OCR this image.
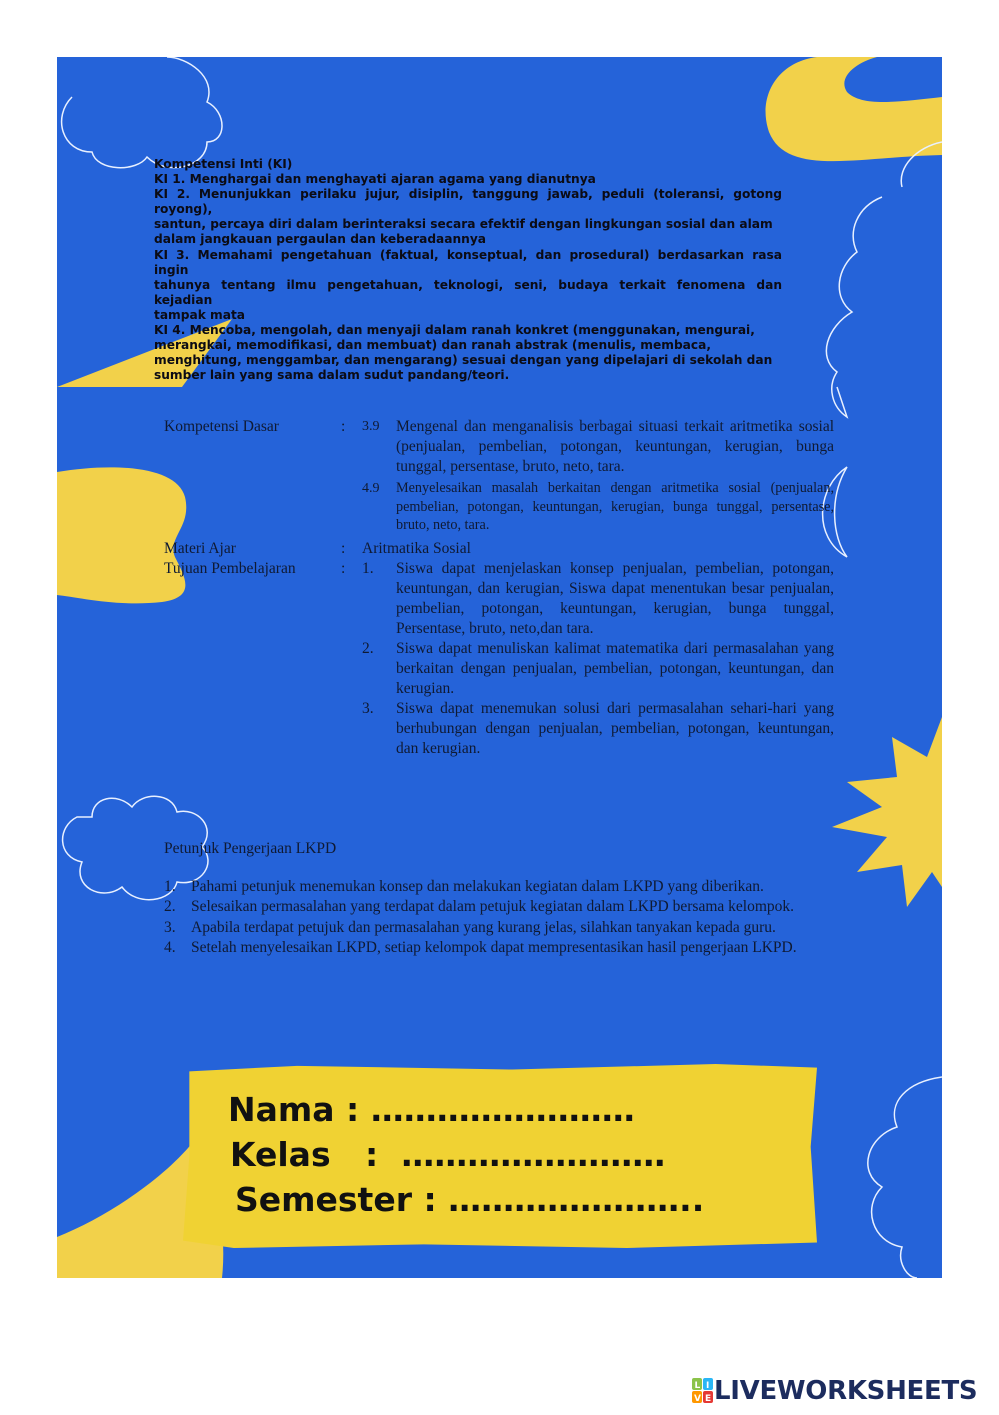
Kompetensi Inti (KI)
KI 1. Menghargai dan menghayati ajaran agama yang dianutnya
KI 2. Menunjukkan perilaku jujur, disiplin, tanggung jawab, peduli (toleransi, gotong royong),
santun, percaya diri dalam berinteraksi secara efektif dengan lingkungan sosial dan alam
dalam jangkauan pergaulan dan keberadaannya
KI 3. Memahami pengetahuan (faktual, konseptual, dan prosedural) berdasarkan rasa ingin
tahunya tentang ilmu pengetahuan, teknologi, seni, budaya terkait fenomena dan kejadian
tampak mata
KI 4. Mencoba, mengolah, dan menyaji dalam ranah konkret (menggunakan, mengurai,
merangkai, memodifikasi, dan membuat) dan ranah abstrak (menulis, membaca,
menghitung, menggambar, dan mengarang) sesuai dengan yang dipelajari di sekolah dan
sumber lain yang sama dalam sudut pandang/teori.
Kompetensi Dasar	: 3.9 Mengenal dan menganalisis berbagai situasi terkait aritmetika sosial (penjualan, pembelian, potongan, keuntungan, kerugian, bunga tunggal, persentase, bruto, neto, tara.
4.9 Menyelesaikan masalah berkaitan dengan aritmetika sosial (penjualan, pembelian, potongan, keuntungan, kerugian, bunga tunggal, persentase, bruto, neto, tara.
Materi Ajar	: Aritmatika Sosial
Tujuan Pembelajaran	: 1. Siswa dapat menjelaskan konsep penjualan, pembelian, potongan, keuntungan, dan kerugian, Siswa dapat menentukan besar penjualan, pembelian, potongan, keuntungan, kerugian, bunga tunggal, Persentase, bruto, neto,dan tara.
2. Siswa dapat menuliskan kalimat matematika dari permasalahan yang berkaitan dengan penjualan, pembelian, potongan, keuntungan, dan kerugian.
3. Siswa dapat menemukan solusi dari permasalahan sehari-hari yang berhubungan dengan penjualan, pembelian, potongan, keuntungan, dan kerugian.
Petunjuk Pengerjaan LKPD
1. Pahami petunjuk menemukan konsep dan melakukan kegiatan dalam LKPD yang diberikan.
2. Selesaikan permasalahan yang terdapat dalam petujuk kegiatan dalam LKPD bersama kelompok.
3. Apabila terdapat petujuk dan permasalahan yang kurang jelas, silahkan tanyakan kepada guru.
4. Setelah menyelesaikan LKPD, setiap kelompok dapat mempresentasikan hasil pengerjaan LKPD.
Nama : ……………………
Kelas   :  ……………………
Semester : …………………..
L I
V E LIVEWORKSHEETS
